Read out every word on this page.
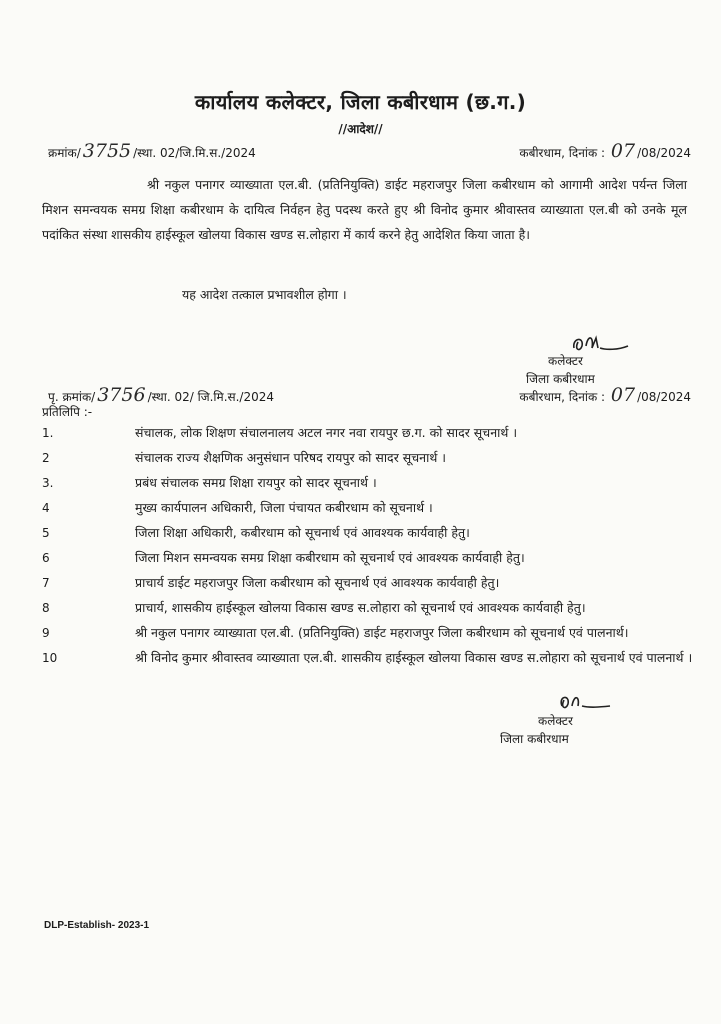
कार्यालय कलेक्टर, जिला कबीरधाम (छ.ग.)
//आदेश//
क्रमांक/ 3755 /स्था. 02/जि.मि.स./2024	कबीरधाम, दिनांक : 07 /08/2024
श्री नकुल पनागर व्याख्याता एल.बी. (प्रतिनियुक्ति) डाईट महराजपुर जिला कबीरधाम को आगामी आदेश पर्यन्त जिला मिशन समन्वयक समग्र शिक्षा कबीरधाम के दायित्व निर्वहन हेतु पदस्थ करते हुए श्री विनोद कुमार श्रीवास्तव व्याख्याता एल.बी को उनके मूल पदांकित संस्था शासकीय हाईस्कूल खोलया विकास खण्ड स.लोहारा में कार्य करने हेतु आदेशित किया जाता है।
यह आदेश तत्काल प्रभावशील होगा ।
कलेक्टर
जिला कबीरधाम
पृ. क्रमांक/ 3756 /स्था. 02/ जि.मि.स./2024	कबीरधाम, दिनांक : 07 /08/2024
प्रतिलिपि :-
1.	संचालक, लोक शिक्षण संचालनालय अटल नगर नवा रायपुर छ.ग. को सादर सूचनार्थ ।
2	संचालक राज्य शैक्षणिक अनुसंधान परिषद रायपुर को सादर सूचनार्थ ।
3.	प्रबंध संचालक समग्र शिक्षा रायपुर को सादर सूचनार्थ ।
4	मुख्य कार्यपालन अधिकारी, जिला पंचायत कबीरधाम को सूचनार्थ ।
5	जिला शिक्षा अधिकारी, कबीरधाम को सूचनार्थ एवं आवश्यक कार्यवाही हेतु।
6	जिला मिशन समन्वयक समग्र शिक्षा कबीरधाम को सूचनार्थ एवं आवश्यक कार्यवाही हेतु।
7	प्राचार्य डाईट महराजपुर जिला कबीरधाम को सूचनार्थ एवं आवश्यक कार्यवाही हेतु।
8	प्राचार्य, शासकीय हाईस्कूल खोलया विकास खण्ड स.लोहारा को सूचनार्थ एवं आवश्यक कार्यवाही हेतु।
9	श्री नकुल पनागर व्याख्याता एल.बी. (प्रतिनियुक्ति) डाईट महराजपुर जिला कबीरधाम को सूचनार्थ एवं पालनार्थ।
10	श्री विनोद कुमार श्रीवास्तव व्याख्याता एल.बी. शासकीय हाईस्कूल खोलया विकास खण्ड स.लोहारा को सूचनार्थ एवं पालनार्थ ।
कलेक्टर
जिला कबीरधाम
DLP-Establish- 2023-1
